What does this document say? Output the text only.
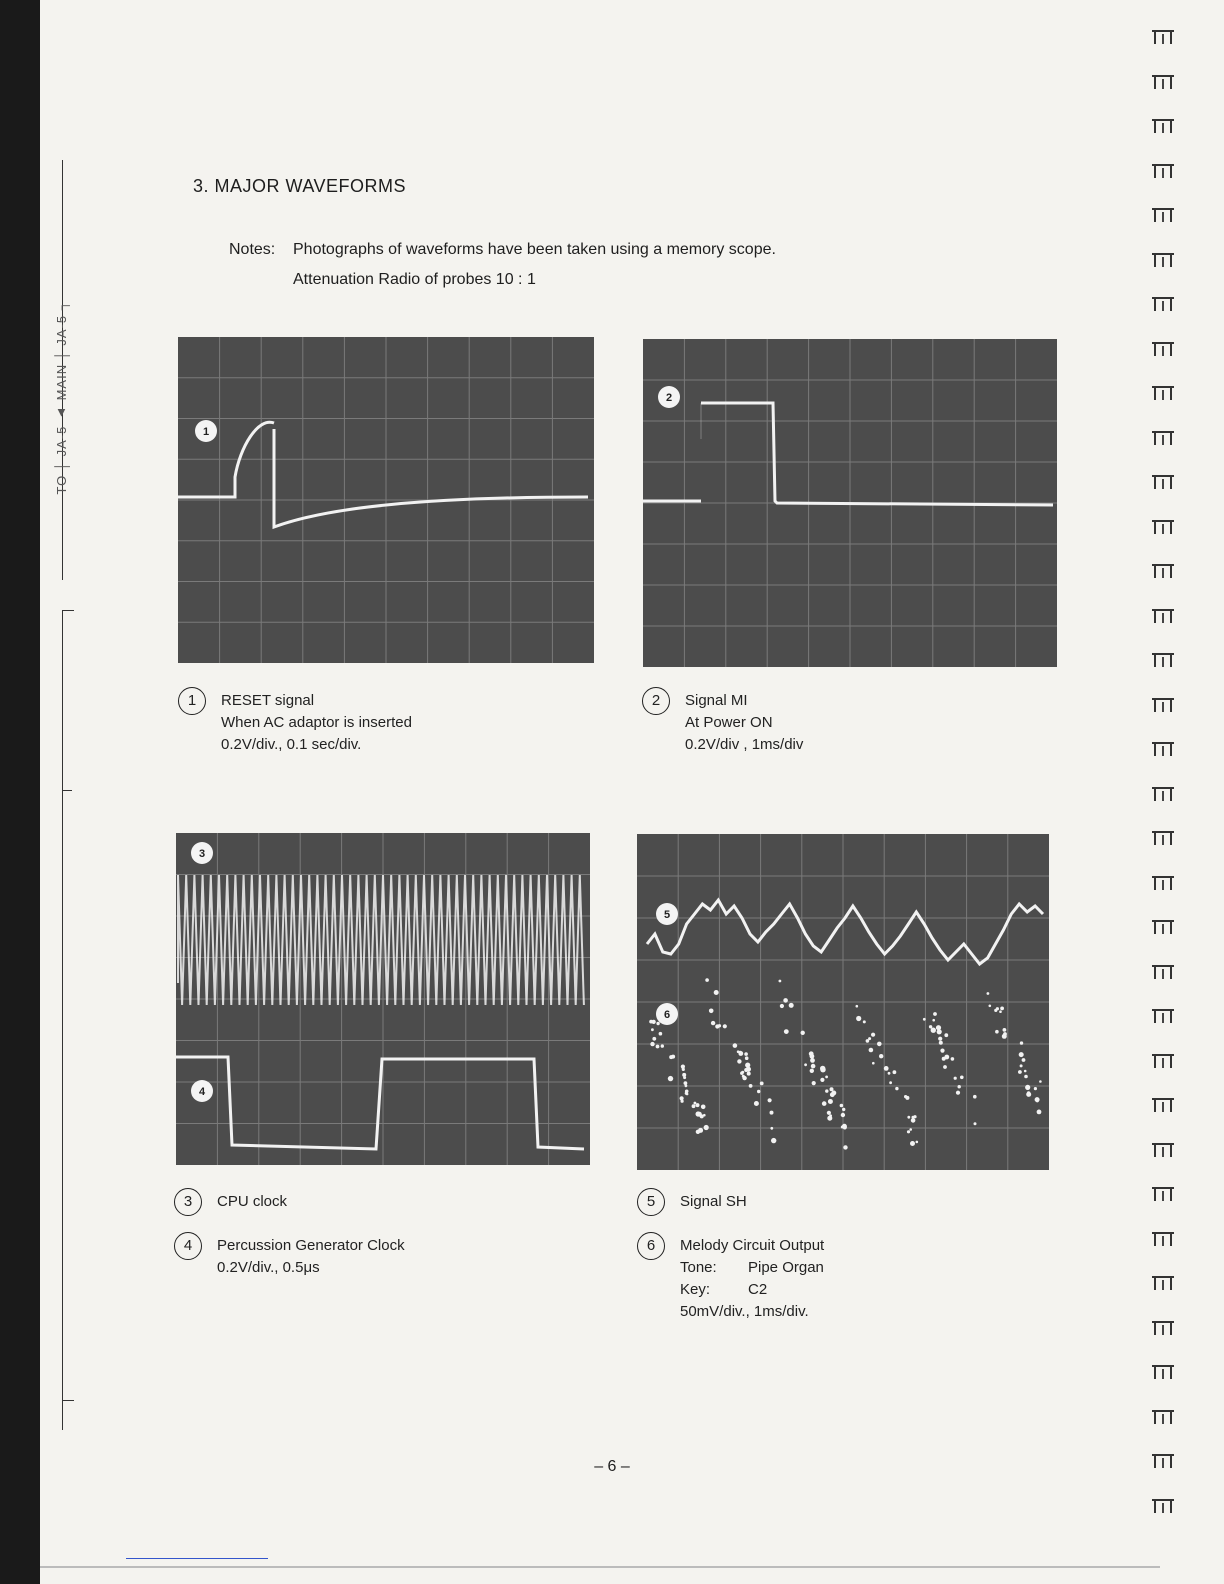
TO │ JA-5 ▲ MAIN │ JA-5 ┐
3. MAJOR WAVEFORMS
Notes: Photographs of waveforms have been taken using a memory scope.
Attenuation Radio of probes 10 : 1
1
2
3
4
5
6
1	RESET signal
When AC adaptor is inserted
0.2V/div., 0.1 sec/div.
2	Signal MI
At Power ON
0.2V/div , 1ms/div
3	CPU clock
4	Percussion Generator Clock
0.2V/div., 0.5μs
5	Signal SH
6	Melody Circuit Output
Tone: Pipe Organ
Key:	C2
50mV/div., 1ms/div.
– 6 –
